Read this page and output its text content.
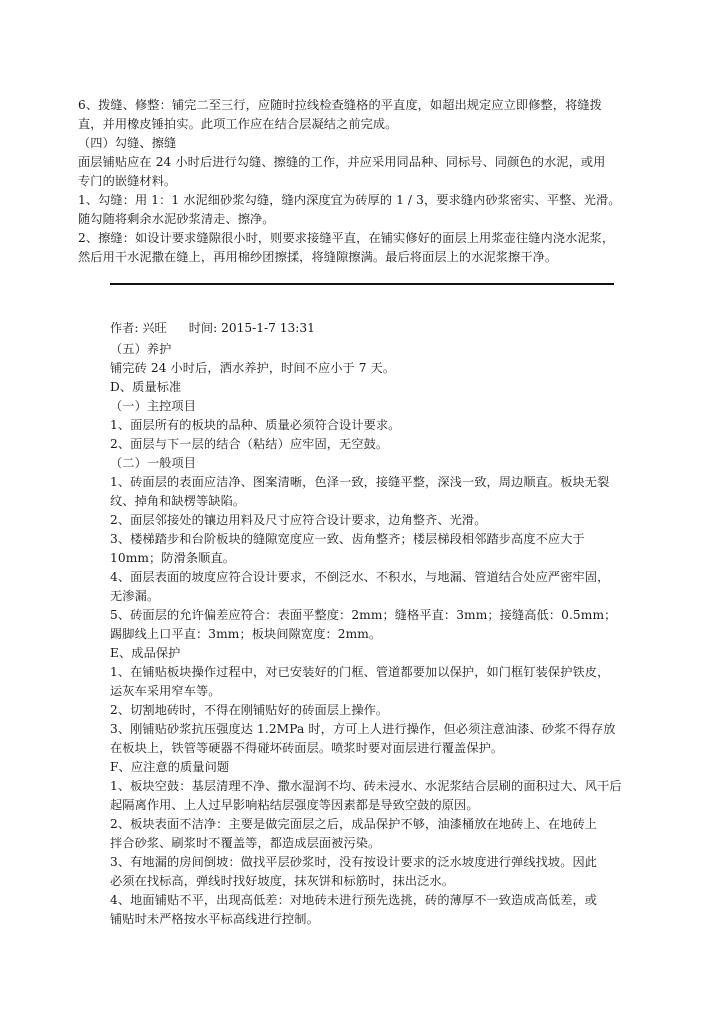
6、拨缝、修整：铺完二至三行，应随时拉线检查缝格的平直度，如超出规定应立即修整，将缝拨
直，并用橡皮锤拍实。此项工作应在结合层凝结之前完成。
（四）勾缝、擦缝
面层铺贴应在 24 小时后进行勾缝、擦缝的工作，并应采用同品种、同标号、同颜色的水泥，或用
专门的嵌缝材料。
1、勾缝：用 1：1 水泥细砂浆勾缝，缝内深度宜为砖厚的 1 / 3，要求缝内砂浆密实、平整、光滑。
随勾随将剩余水泥砂浆清走、擦净。
2、擦缝：如设计要求缝隙很小时，则要求接缝平直，在铺实修好的面层上用浆壶往缝内浇水泥浆，
然后用干水泥撒在缝上，再用棉纱团擦揉，将缝隙擦满。最后将面层上的水泥浆擦干净。
作者: 兴旺 时间: 2015-1-7 13:31
（五）养护
铺完砖 24 小时后，洒水养护，时间不应小于 7 天。
D、质量标准
（一）主控项目
1、面层所有的板块的品种、质量必须符合设计要求。
2、面层与下一层的结合（粘结）应牢固，无空鼓。
（二）一般项目
1、砖面层的表面应洁净、图案清晰，色泽一致，接缝平整，深浅一致，周边顺直。板块无裂
纹、掉角和缺楞等缺陷。
2、面层邻接处的镶边用料及尺寸应符合设计要求，边角整齐、光滑。
3、楼梯踏步和台阶板块的缝隙宽度应一致、齿角整齐；楼层梯段相邻踏步高度不应大于
10mm；防滑条顺直。
4、面层表面的坡度应符合设计要求，不倒泛水、不积水，与地漏、管道结合处应严密牢固，
无渗漏。
5、砖面层的允许偏差应符合：表面平整度：2mm；缝格平直：3mm；接缝高低：0.5mm；
踢脚线上口平直：3mm；板块间隙宽度：2mm。
E、成品保护
1、在铺贴板块操作过程中，对已安装好的门框、管道都要加以保护，如门框钉装保护铁皮，
运灰车采用窄车等。
2、切割地砖时，不得在刚铺贴好的砖面层上操作。
3、刚铺贴砂浆抗压强度达 1.2MPa 时，方可上人进行操作，但必须注意油漆、砂浆不得存放
在板块上，铁管等硬器不得碰坏砖面层。喷浆时要对面层进行覆盖保护。
F、应注意的质量问题
1、板块空鼓：基层清理不净、撒水湿润不均、砖未浸水、水泥浆结合层刷的面积过大、风干后
起隔离作用、上人过早影响粘结层强度等因素都是导致空鼓的原因。
2、板块表面不洁净：主要是做完面层之后，成品保护不够，油漆桶放在地砖上、在地砖上
拌合砂浆、刷浆时不覆盖等，都造成层面被污染。
3、有地漏的房间倒坡：做找平层砂浆时，没有按设计要求的泛水坡度进行弹线找坡。因此
必须在找标高，弹线时找好坡度，抹灰饼和标筋时，抹出泛水。
4、地面铺贴不平，出现高低差：对地砖未进行预先选挑，砖的薄厚不一致造成高低差，或
铺贴时未严格按水平标高线进行控制。
